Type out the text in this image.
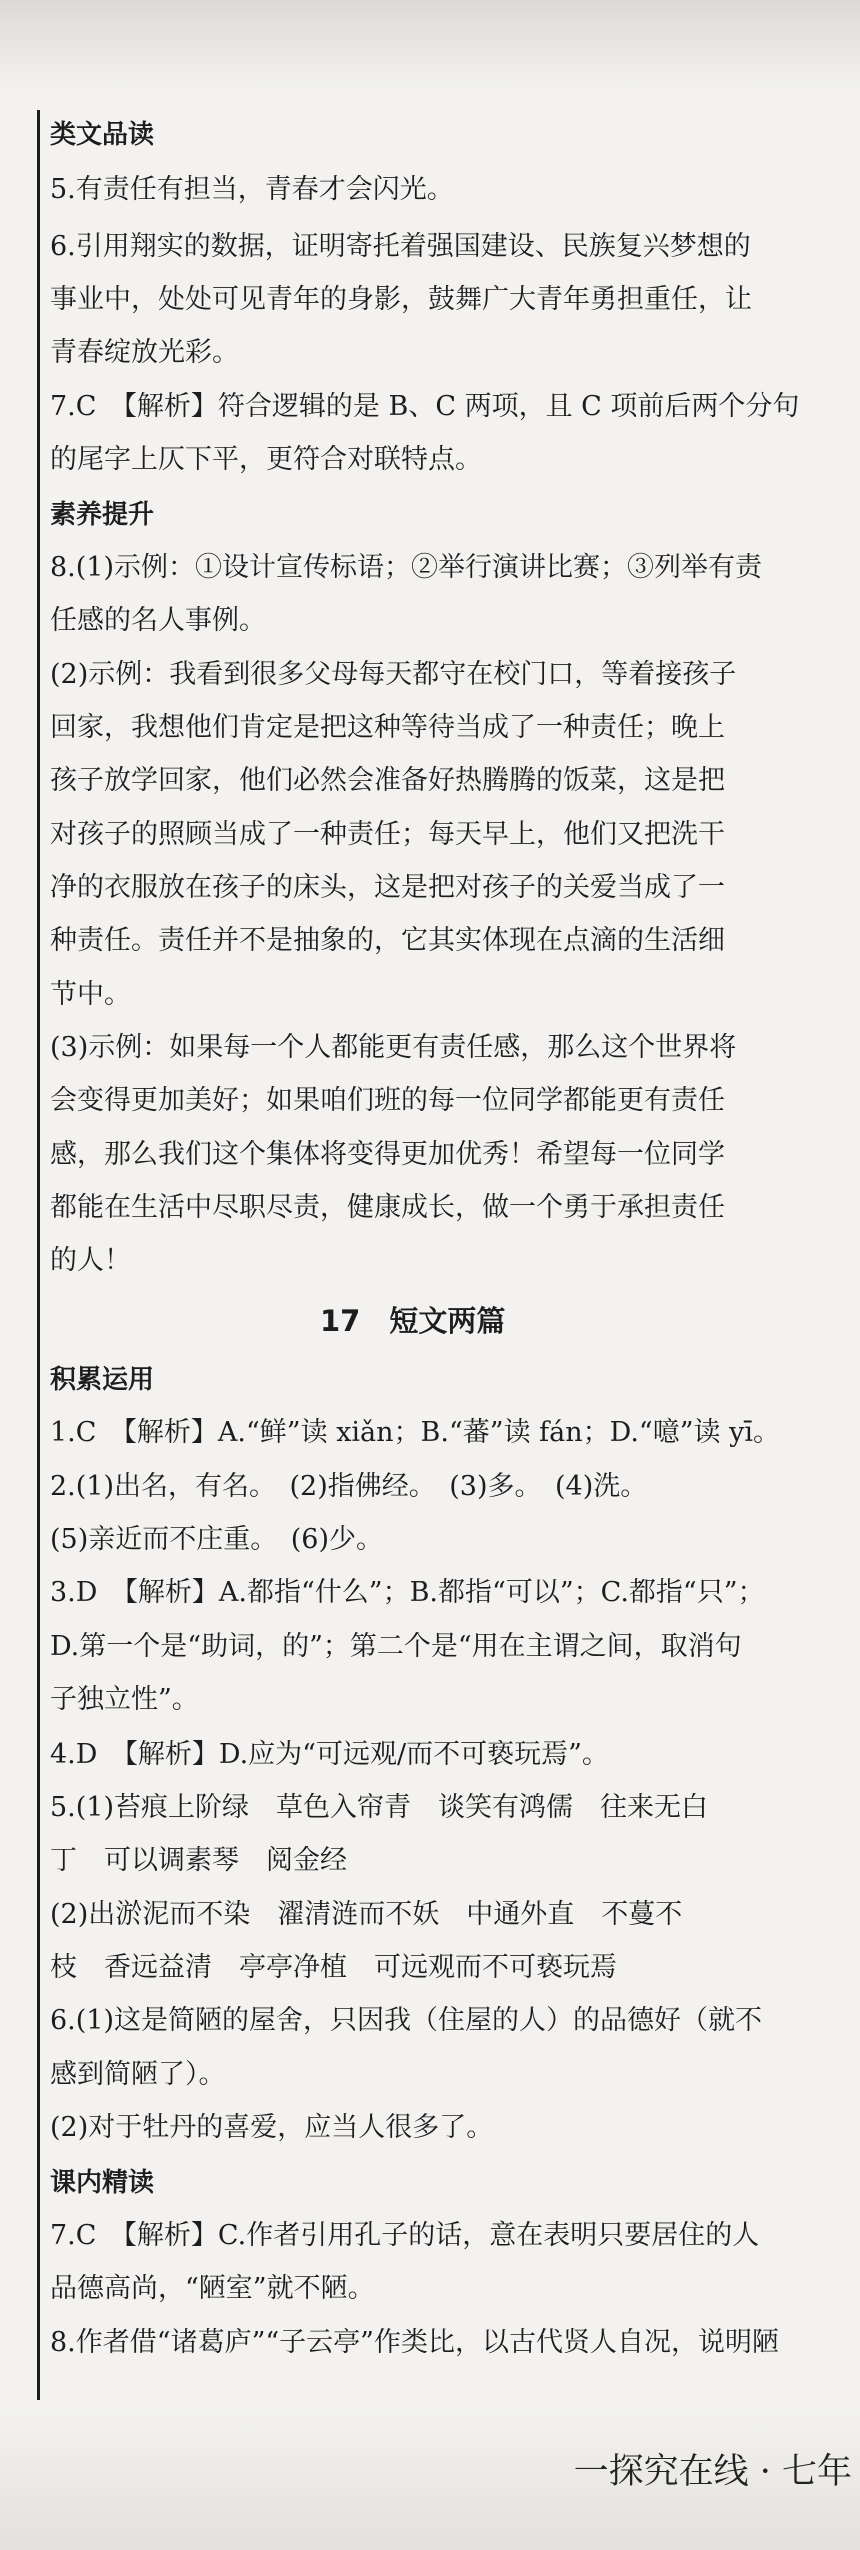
类文品读
5.有责任有担当，青春才会闪光。
6.引用翔实的数据，证明寄托着强国建设、民族复兴梦想的
事业中，处处可见青年的身影，鼓舞广大青年勇担重任，让
青春绽放光彩。
7.C　【解析】符合逻辑的是 B、C 两项，且 C 项前后两个分句
的尾字上仄下平，更符合对联特点。
素养提升
8.(1)示例：①设计宣传标语；②举行演讲比赛；③列举有责
任感的名人事例。
(2)示例：我看到很多父母每天都守在校门口，等着接孩子
回家，我想他们肯定是把这种等待当成了一种责任；晚上
孩子放学回家，他们必然会准备好热腾腾的饭菜，这是把
对孩子的照顾当成了一种责任；每天早上，他们又把洗干
净的衣服放在孩子的床头，这是把对孩子的关爱当成了一
种责任。责任并不是抽象的，它其实体现在点滴的生活细
节中。
(3)示例：如果每一个人都能更有责任感，那么这个世界将
会变得更加美好；如果咱们班的每一位同学都能更有责任
感，那么我们这个集体将变得更加优秀！希望每一位同学
都能在生活中尽职尽责，健康成长，做一个勇于承担责任
的人！
17　短文两篇
积累运用
1.C　【解析】A.“鲜”读 xiǎn；B.“蕃”读 fán；D.“噫”读 yī。
2.(1)出名，有名。　(2)指佛经。　(3)多。　(4)洗。
(5)亲近而不庄重。　(6)少。
3.D　【解析】A.都指“什么”；B.都指“可以”；C.都指“只”；
D.第一个是“助词，的”；第二个是“用在主谓之间，取消句
子独立性”。
4.D　【解析】D.应为“可远观/而不可亵玩焉”。
5.(1)苔痕上阶绿　草色入帘青　谈笑有鸿儒　往来无白
丁　可以调素琴　阅金经
(2)出淤泥而不染　濯清涟而不妖　中通外直　不蔓不
枝　香远益清　亭亭净植　可远观而不可亵玩焉
6.(1)这是简陋的屋舍，只因我（住屋的人）的品德好（就不
感到简陋了）。
(2)对于牡丹的喜爱，应当人很多了。
课内精读
7.C　【解析】C.作者引用孔子的话，意在表明只要居住的人
品德高尚，“陋室”就不陋。
8.作者借“诸葛庐”“子云亭”作类比，以古代贤人自况，说明陋
一探究在线 · 七年
